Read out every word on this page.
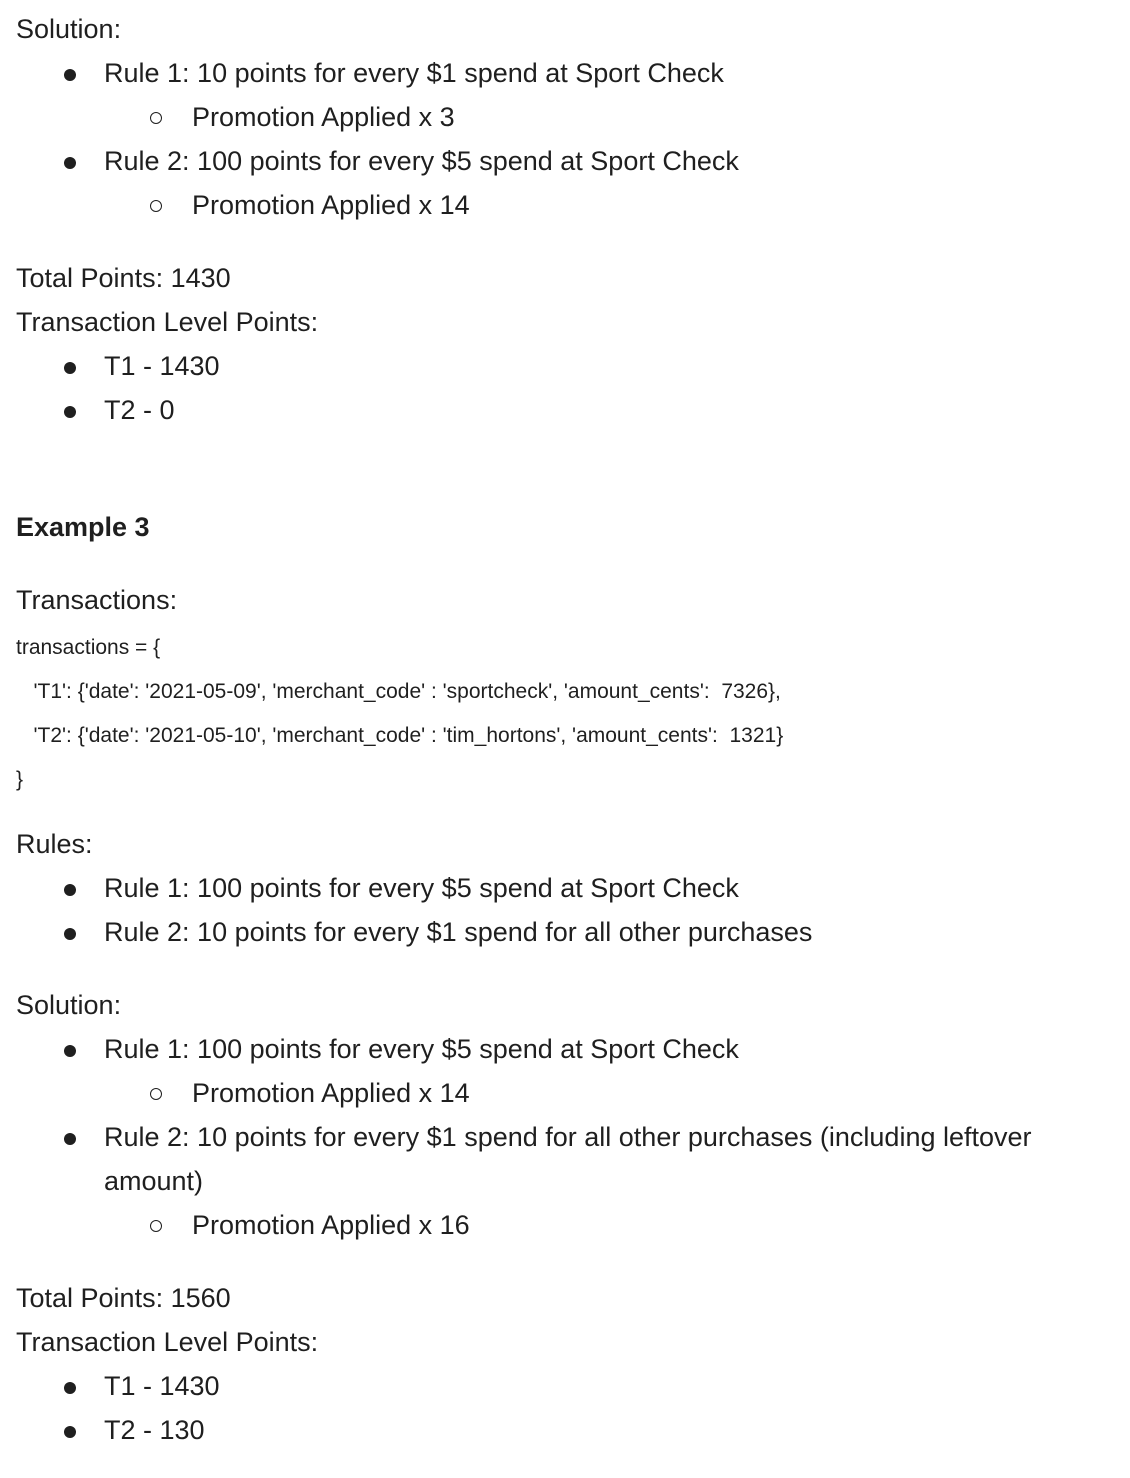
Solution:
Rule 1: 10 points for every $1 spend at Sport Check
Promotion Applied x 3
Rule 2: 100 points for every $5 spend at Sport Check
Promotion Applied x 14
Total Points: 1430
Transaction Level Points:
T1 - 1430
T2 - 0
Example 3
Transactions:
transactions = {
'T1': {'date': '2021-05-09', 'merchant_code' : 'sportcheck', 'amount_cents':  7326},
'T2': {'date': '2021-05-10', 'merchant_code' : 'tim_hortons', 'amount_cents':  1321}
}
Rules:
Rule 1: 100 points for every $5 spend at Sport Check
Rule 2: 10 points for every $1 spend for all other purchases
Solution:
Rule 1: 100 points for every $5 spend at Sport Check
Promotion Applied x 14
Rule 2: 10 points for every $1 spend for all other purchases (including leftover amount)
Promotion Applied x 16
Total Points: 1560
Transaction Level Points:
T1 - 1430
T2 - 130
